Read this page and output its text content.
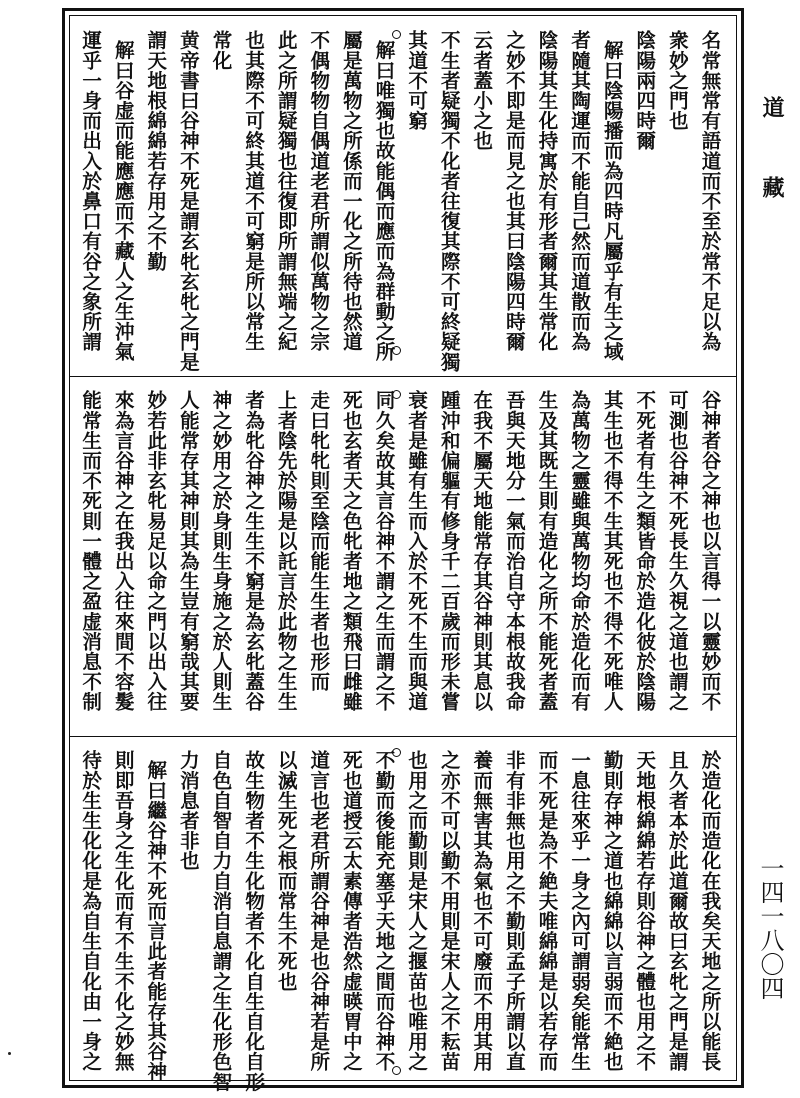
道
藏
一四一八〇四
名常無常有語道而不至於常不足以為
衆妙之門也
陰陽兩四時爾
解曰陰陽播而為四時凡屬乎有生之域
者隨其陶運而不能自己然而道散而為
陰陽其生化持寓於有形者爾其生常化
之妙不即是而見之也其曰陰陽四時爾
云者蓋小之也
不生者疑獨不化者往復其際不可終疑獨
其道不可窮
解曰唯獨也故能偶而應而為群動之所
屬是萬物之所係而一化之所待也然道
不偶物物自偶道老君所謂似萬物之宗
此之所謂疑獨也往復即所謂無端之紀
也其際不可終其道不可窮是所以常生
常化
黄帝書曰谷神不死是謂玄牝玄牝之門是
謂天地根綿綿若存用之不勤
解曰谷虚而能應應而不藏人之生沖氣
運乎一身而出入於鼻口有谷之象所謂
谷神者谷之神也以言得一以靈妙而不
可測也谷神不死長生久視之道也謂之
不死者有生之類皆命於造化彼於陰陽
其生也不得不生其死也不得不死唯人
為萬物之靈雖與萬物均命於造化而有
生及其既生則有造化之所不能死者蓋
吾與天地分一氣而治自守本根故我命
在我不屬天地能常存其谷神則其息以
踵沖和偏軀有修身千二百歲而形未嘗
衰者是雖有生而入於不死不生而與道
同久矣故其言谷神不謂之生而謂之不
死也玄者天之色牝者地之類飛曰雌雖
走曰牝牝則至陰而能生生者也形而
上者陰先於陽是以託言於此物之生生
者為牝谷神之生生不窮是為玄牝蓋谷
神之妙用之於身則生身施之於人則生
人能常存其神則其為生豈有窮哉其要
妙若此非玄牝易足以命之門以出入往
來為言谷神之在我出入往來間不容髮
能常生而不死則一體之盈虚消息不制
於造化而造化在我矣天地之所以能長
且久者本於此道爾故曰玄牝之門是謂
天地根綿綿若存則谷神之體也用之不
勤則存神之道也綿綿以言弱而不絶也
一息往來乎一身之內可謂弱矣能常生
而不死是為不絶夫唯綿綿是以若存而
非有非無也用之不勤則孟子所謂以直
養而無害其為氣也不可廢而不用其用
之亦不可以勤不用則是宋人之不耘苗
也用之而勤則是宋人之揠苗也唯用之
不勤而後能充塞乎天地之間而谷神不
死也道授云太素傳者浩然虚暎胃中之
道言也老君所謂谷神是也谷神若是所
以滅生死之根而常生不死也
故生物者不生化物者不化自生自化自形
自色自智自力自消自息謂之生化形色智
力消息者非也
解曰繼谷神不死而言此者能存其谷神
則即吾身之生化而有不生不化之妙無
待於生生化化是為自生自化由一身之
